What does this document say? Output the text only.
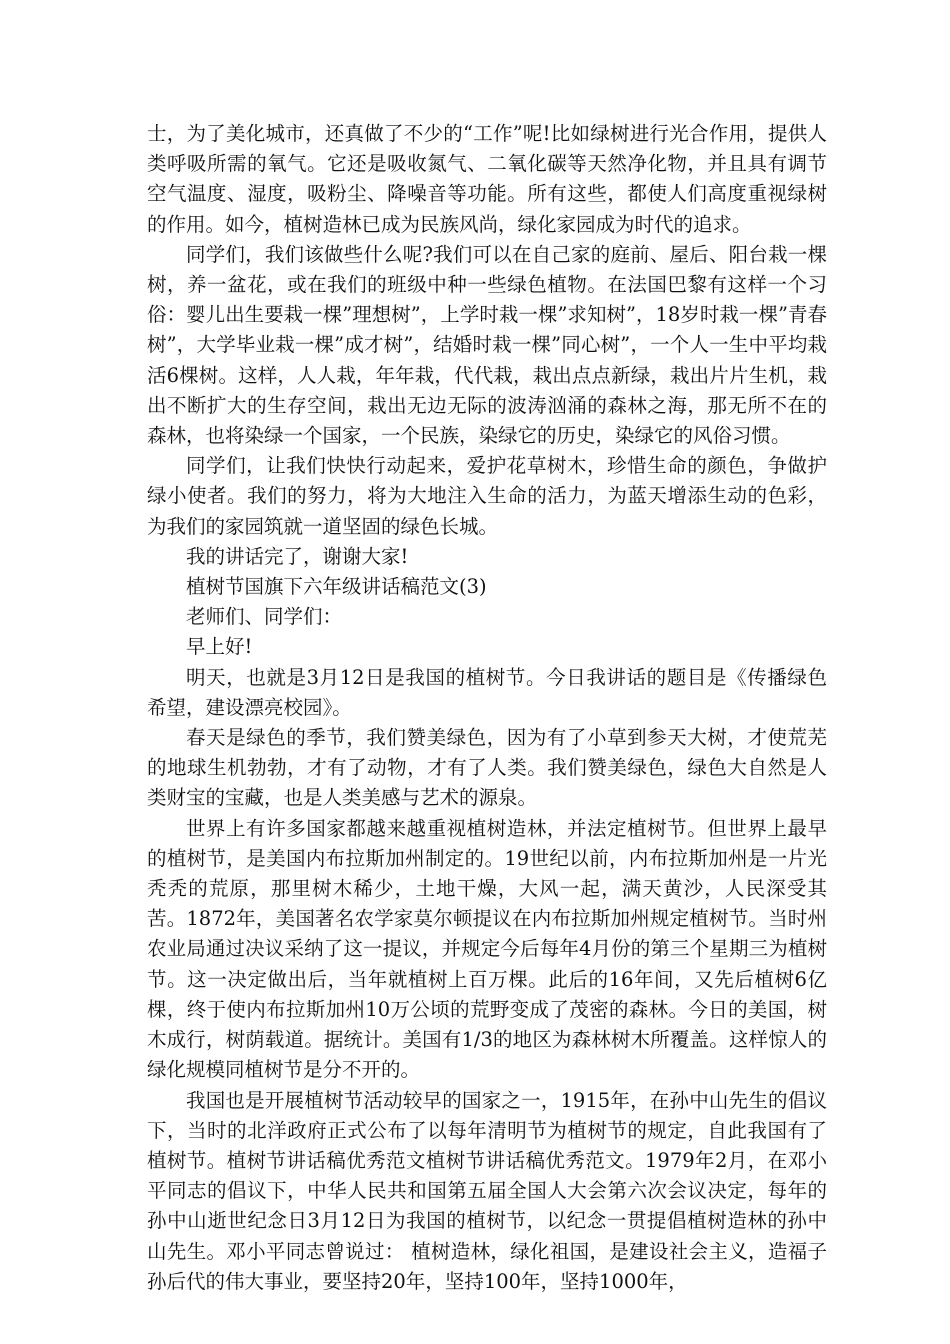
士，为了美化城市，还真做了不少的“工作”呢!比如绿树进行光合作用，提供人类呼吸所需的氧气。它还是吸收氮气、二氧化碳等天然净化物，并且具有调节空气温度、湿度，吸粉尘、降噪音等功能。所有这些，都使人们高度重视绿树的作用。如今，植树造林已成为民族风尚，绿化家园成为时代的追求。

同学们，我们该做些什么呢?我们可以在自己家的庭前、屋后、阳台栽一棵树，养一盆花，或在我们的班级中种一些绿色植物。在法国巴黎有这样一个习俗：婴儿出生要栽一棵”理想树”，上学时栽一棵”求知树”，18岁时栽一棵”青春树”，大学毕业栽一棵”成才树”，结婚时栽一棵”同心树”，一个人一生中平均栽活6棵树。这样，人人栽，年年栽，代代栽，栽出点点新绿，栽出片片生机，栽出不断扩大的生存空间，栽出无边无际的波涛汹涌的森林之海，那无所不在的森林，也将染绿一个国家，一个民族，染绿它的历史，染绿它的风俗习惯。

同学们，让我们快快行动起来，爱护花草树木，珍惜生命的颜色，争做护绿小使者。我们的努力，将为大地注入生命的活力，为蓝天增添生动的色彩，为我们的家园筑就一道坚固的绿色长城。

我的讲话完了，谢谢大家!

植树节国旗下六年级讲话稿范文(3)

老师们、同学们：

早上好!

明天，也就是3月12日是我国的植树节。今日我讲话的题目是《传播绿色希望，建设漂亮校园》。

春天是绿色的季节，我们赞美绿色，因为有了小草到参天大树，才使荒芜的地球生机勃勃，才有了动物，才有了人类。我们赞美绿色，绿色大自然是人类财宝的宝藏，也是人类美感与艺术的源泉。

世界上有许多国家都越来越重视植树造林，并法定植树节。但世界上最早的植树节，是美国内布拉斯加州制定的。19世纪以前，内布拉斯加州是一片光秃秃的荒原，那里树木稀少，土地干燥，大风一起，满天黄沙，人民深受其苦。1872年，美国著名农学家莫尔顿提议在内布拉斯加州规定植树节。当时州农业局通过决议采纳了这一提议，并规定今后每年4月份的第三个星期三为植树节。这一决定做出后，当年就植树上百万棵。此后的16年间，又先后植树6亿棵，终于使内布拉斯加州10万公顷的荒野变成了茂密的森林。今日的美国，树木成行，树荫载道。据统计。美国有1/3的地区为森林树木所覆盖。这样惊人的绿化规模同植树节是分不开的。

我国也是开展植树节活动较早的国家之一，1915年，在孙中山先生的倡议下，当时的北洋政府正式公布了以每年清明节为植树节的规定，自此我国有了植树节。植树节讲话稿优秀范文植树节讲话稿优秀范文。1979年2月，在邓小平同志的倡议下，中华人民共和国第五届全国人大会第六次会议决定，每年的孙中山逝世纪念日3月12日为我国的植树节，以纪念一贯提倡植树造林的孙中山先生。邓小平同志曾说过： 植树造林，绿化祖国，是建设社会主义，造福子孙后代的伟大事业，要坚持20年，坚持100年，坚持1000年，
